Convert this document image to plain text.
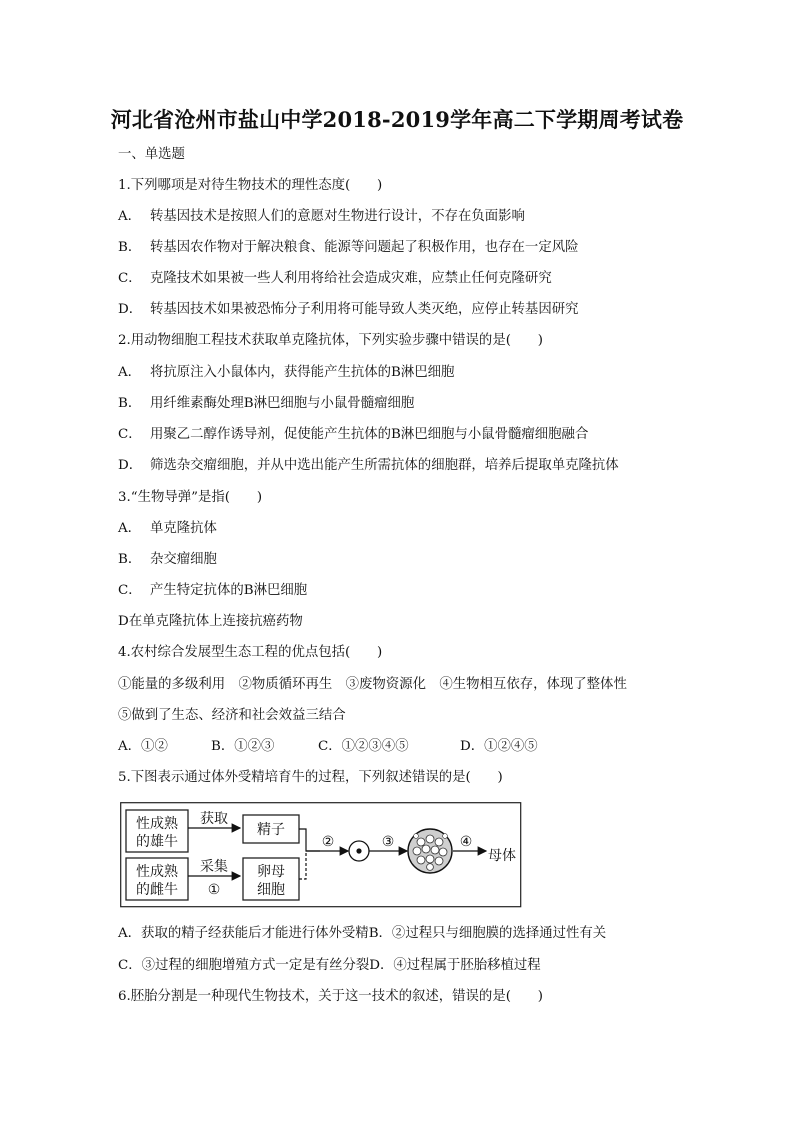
河北省沧州市盐山中学2018-2019学年高二下学期周考试卷
一、单选题
1.下列哪项是对待生物技术的理性态度(　　)
A． 转基因技术是按照人们的意愿对生物进行设计，不存在负面影响
B． 转基因农作物对于解决粮食、能源等问题起了积极作用，也存在一定风险
C． 克隆技术如果被一些人利用将给社会造成灾难，应禁止任何克隆研究
D． 转基因技术如果被恐怖分子利用将可能导致人类灭绝，应停止转基因研究
2.用动物细胞工程技术获取单克隆抗体，下列实验步骤中错误的是(　　)
A． 将抗原注入小鼠体内，获得能产生抗体的B淋巴细胞
B． 用纤维素酶处理B淋巴细胞与小鼠骨髓瘤细胞
C． 用聚乙二醇作诱导剂，促使能产生抗体的B淋巴细胞与小鼠骨髓瘤细胞融合
D． 筛选杂交瘤细胞，并从中选出能产生所需抗体的细胞群，培养后提取单克隆抗体
3.“生物导弹”是指(　　)
A． 单克隆抗体
B． 杂交瘤细胞
C． 产生特定抗体的B淋巴细胞
D在单克隆抗体上连接抗癌药物
4.农村综合发展型生态工程的优点包括(　　)
①能量的多级利用　②物质循环再生　③废物资源化　④生物相互依存，体现了整体性
⑤做到了生态、经济和社会效益三结合
A．①②	B．①②③	C．①②③④⑤	D．①②④⑤
5.下图表示通过体外受精培育牛的过程，下列叙述错误的是(　　)
性成熟
的雄牛
性成熟
的雌牛
获取
采集
①
精子
卵母
细胞
②	③	④
母体
A．获取的精子经获能后才能进行体外受精B．②过程只与细胞膜的选择通过性有关
C．③过程的细胞增殖方式一定是有丝分裂D．④过程属于胚胎移植过程
6.胚胎分割是一种现代生物技术，关于这一技术的叙述，错误的是(　　)
